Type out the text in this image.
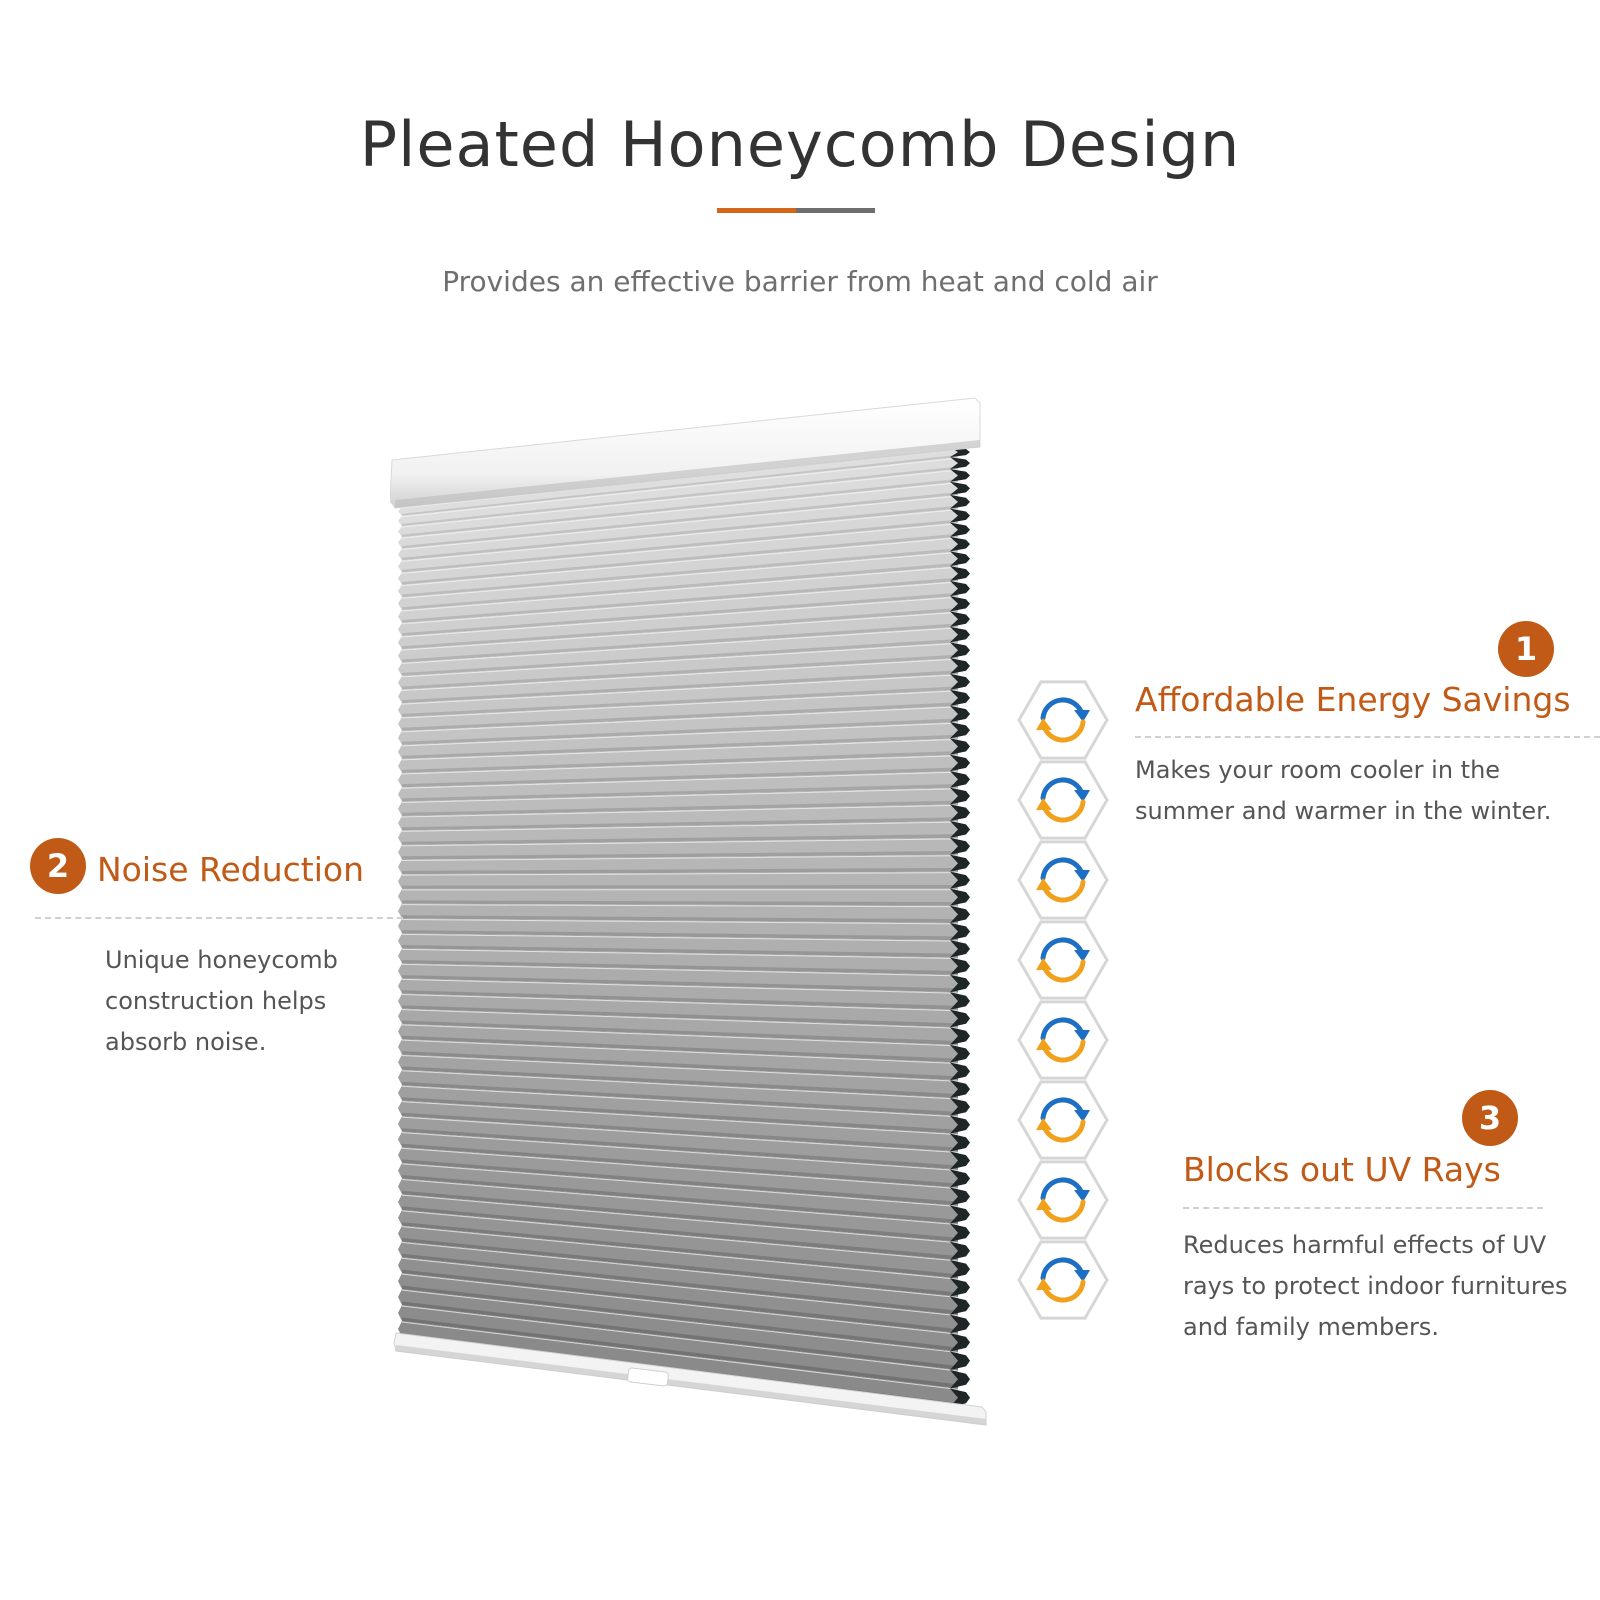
Pleated Honeycomb Design
Provides an effective barrier from heat and cold air
1
Affordable Energy Savings
Makes your room cooler in the
summer and warmer in the winter.
2 Noise Reduction
Unique honeycomb
construction helps
absorb noise.
3
Blocks out UV Rays
Reduces harmful effects of UV
rays to protect indoor furnitures
and family members.
